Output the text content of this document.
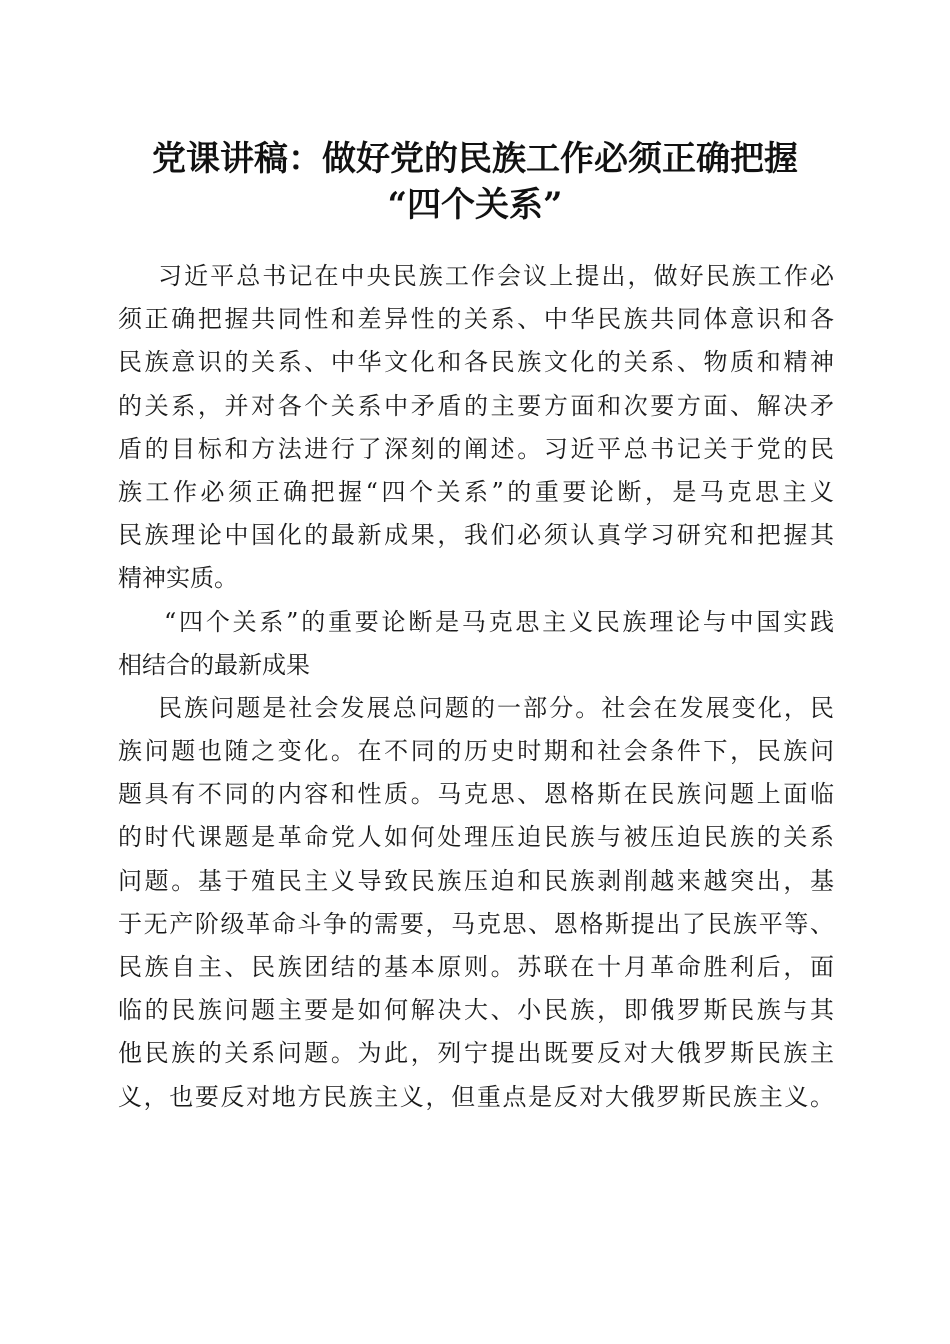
党课讲稿：做好党的民族工作必须正确把握
“四个关系”
习近平总书记在中央民族工作会议上提出，做好民族工作必
须正确把握共同性和差异性的关系、中华民族共同体意识和各
民族意识的关系、中华文化和各民族文化的关系、物质和精神
的关系，并对各个关系中矛盾的主要方面和次要方面、解决矛
盾的目标和方法进行了深刻的阐述。习近平总书记关于党的民
族工作必须正确把握“四个关系”的重要论断，是马克思主义
民族理论中国化的最新成果，我们必须认真学习研究和把握其
精神实质。
“四个关系”的重要论断是马克思主义民族理论与中国实践
相结合的最新成果
民族问题是社会发展总问题的一部分。社会在发展变化，民
族问题也随之变化。在不同的历史时期和社会条件下，民族问
题具有不同的内容和性质。马克思、恩格斯在民族问题上面临
的时代课题是革命党人如何处理压迫民族与被压迫民族的关系
问题。基于殖民主义导致民族压迫和民族剥削越来越突出，基
于无产阶级革命斗争的需要，马克思、恩格斯提出了民族平等、
民族自主、民族团结的基本原则。苏联在十月革命胜利后，面
临的民族问题主要是如何解决大、小民族，即俄罗斯民族与其
他民族的关系问题。为此，列宁提出既要反对大俄罗斯民族主
义，也要反对地方民族主义，但重点是反对大俄罗斯民族主义。
